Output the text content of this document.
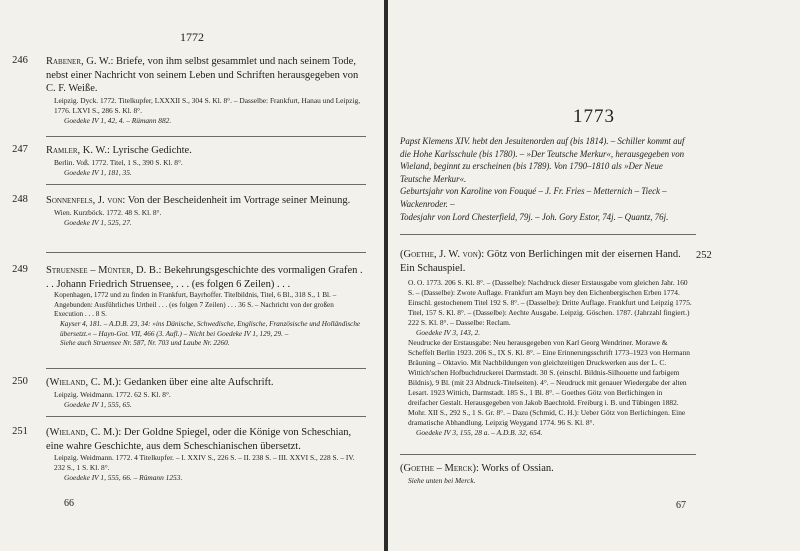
1772
246	Rabener, G. W.: Briefe, von ihm selbst gesammlet und nach seinem Tode, nebst einer Nachricht von seinem Leben und Schriften herausgegeben von C. F. Weiße.
Leipzig. Dyck. 1772. Titelkupfer, LXXXII S., 304 S. Kl. 8°. – Dasselbe: Frankfurt, Hanau und Leipzig, 1776. LXVI S., 286 S. Kl. 8°.
Goedeke IV 1, 42, 4. – Rümann 882.
247	Ramler, K. W.: Lyrische Gedichte.
Berlin. Voß. 1772. Titel, 1 S., 390 S. Kl. 8°.
Goedeke IV 1, 181, 35.
248	Sonnenfels, J. von: Von der Bescheidenheit im Vortrage seiner Meinung.
Wien. Kurzböck. 1772. 48 S. Kl. 8°.
Goedeke IV 1, 525, 27.
249	Struensee – Münter, D. B.: Bekehrungsgeschichte des vormaligen Grafen . . . Johann Friedrich Struensee, . . . (es folgen 6 Zeilen) . . .
Kopenhagen, 1772 und zu finden in Frankfurt, Bayrhoffer. Titelbildnis, Titel, 6 Bl., 318 S., 1 Bl. – Angebunden: Ausführliches Urtheil . . . (es folgen 7 Zeilen) . . . 36 S. – Nachricht von der großen Execution . . . 8 S.
Kayser 4, 181. – A.D.B. 23, 34: »ins Dänische, Schwedische, Englische, Französische und Holländische übersetzt.« – Hayn-Got. VII, 466 (3. Aufl.) – Nicht bei Goedeke IV 1, 129, 29. –
Siehe auch Struensee Nr. 587, Nr. 703 und Laube Nr. 2260.
250	(Wieland, C. M.): Gedanken über eine alte Aufschrift.
Leipzig. Weidmann. 1772. 62 S. Kl. 8°.
Goedeke IV 1, 555, 65.
251	(Wieland, C. M.): Der Goldne Spiegel, oder die Könige von Scheschian, eine wahre Geschichte, aus dem Scheschianischen übersetzt.
Leipzig. Weidmann. 1772. 4 Titelkupfer. – I. XXIV S., 226 S. – II. 238 S. – III. XXVI S., 228 S. – IV. 232 S., 1 S. Kl. 8°.
Goedeke IV 1, 555, 66. – Rümann 1253.
66
1773
Papst Klemens XIV. hebt den Jesuitenorden auf (bis 1814). – Schiller kommt auf die Hohe Karlsschule (bis 1780). – »Der Teutsche Merkur«, herausgegeben von Wieland, beginnt zu erscheinen (bis 1789). Von 1790–1810 als »Der Neue Teutsche Merkur«.
Geburtsjahr von Karoline von Fouqué – J. Fr. Fries – Metternich – Tieck – Wackenroder. –
Todesjahr von Lord Chesterfield, 79j. – Joh. Gory Estor, 74j. – Quantz, 76j.
(Goethe, J. W. von): Götz von Berlichingen mit der eisernen Hand. Ein Schauspiel.
O. O. 1773. 206 S. Kl. 8°. – (Dasselbe): Nachdruck dieser Erstausgabe vom gleichen Jahr. 160 S. – (Dasselbe): Zwote Auflage. Frankfurt am Mayn bey den Eichenbergischen Erben 1774. Einschl. gestochenem Titel 192 S. 8°. – (Dasselbe): Dritte Auflage. Frankfurt und Leipzig 1775. Titel, 157 S. Kl. 8°. – (Dasselbe): Aechte Ausgabe. Leipzig. Göschen. 1787. (Jahrzahl fingiert.) 222 S. Kl. 8°. – Dasselbe: Reclam.
Goedeke IV 3, 143, 2.
Neudrucke der Erstausgabe: Neu herausgegeben von Karl Georg Wendriner. Morawe & Scheffelt Berlin 1923. 206 S., IX S. Kl. 8°. – Eine Erinnerungsschrift 1773–1923 von Hermann Bräuning – Oktavio. Mit Nachbildungen von gleichzeitigen Druckwerken aus der L. C. Wittich'schen Hofbuchdruckerei Darmstadt. 30 S. (einschl. Bildnis-Silhouette und farbigem Bildnis), 9 Bl. (mit 23 Abdruck-Titelseiten). 4°. – Neudruck mit genauer Wiedergabe der alten Lesart. 1923 Wittich, Darmstadt. 185 S., 1 Bl. 8°. – Goethes Götz von Berlichingen in dreifacher Gestalt. Herausgegeben von Jakob Baechtold. Freiburg i. B. und Tübingen 1882. Mohr. XII S., 292 S., 1 S. Gr. 8°. – Dazu (Schmid, C. H.): Ueber Götz von Berlichingen. Eine dramatische Abhandlung. Leipzig Weygand 1774. 96 S. Kl. 8°.
Goedeke IV 3, 155, 28 a. – A.D.B. 32, 654.
252
(Goethe – Merck): Works of Ossian.
Siehe unten bei Merck.
67
